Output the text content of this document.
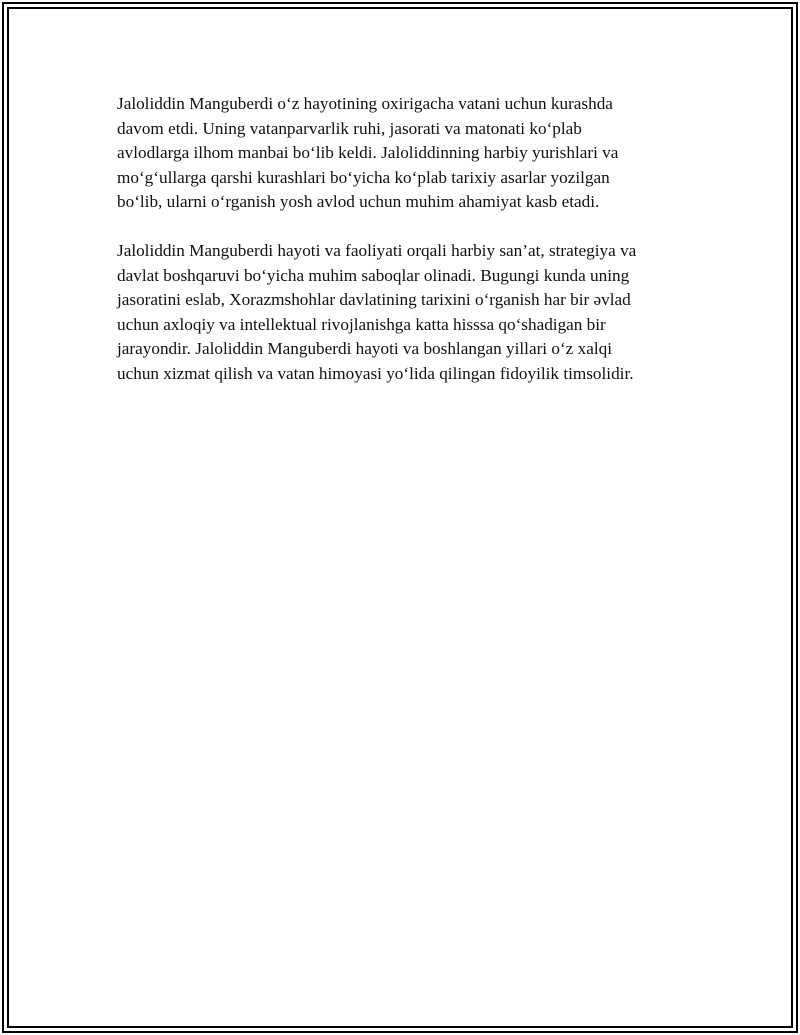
Jaloliddin Manguberdi oʻz hayotining oxirigacha vatani uchun kurashda
davom etdi. Uning vatanparvarlik ruhi, jasorati va matonati koʻplab
avlodlarga ilhom manbai boʻlib keldi. Jaloliddinning harbiy yurishlari va
moʻgʻullarga qarshi kurashlari boʻyicha koʻplab tarixiy asarlar yozilgan
boʻlib, ularni oʻrganish yosh avlod uchun muhim ahamiyat kasb etadi.

Jaloliddin Manguberdi hayoti va faoliyati orqali harbiy san’at, strategiya va
davlat boshqaruvi boʻyicha muhim saboqlar olinadi. Bugungi kunda uning
jasoratini eslab, Xorazmshohlar davlatining tarixini oʻrganish har bir əvlad
uchun axloqiy va intellektual rivojlanishga katta hisssa qoʻshadigan bir
jarayondir. Jaloliddin Manguberdi hayoti va boshlangan yillari oʻz xalqi
uchun xizmat qilish va vatan himoyasi yoʻlida qilingan fidoyilik timsolidir.
